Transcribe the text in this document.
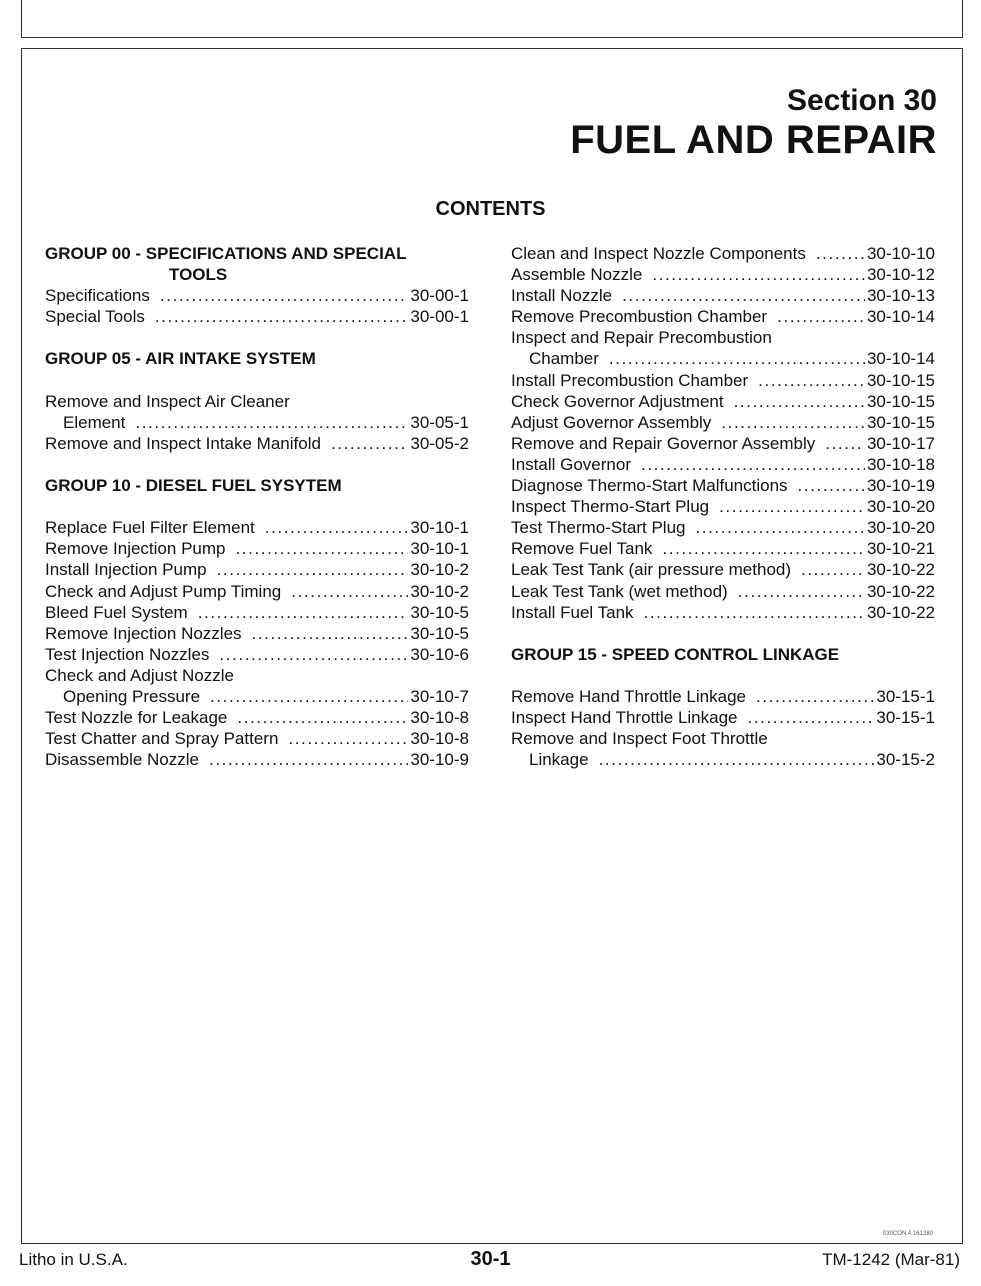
Section 30
FUEL AND REPAIR
CONTENTS
GROUP 00 - SPECIFICATIONS AND SPECIAL
TOOLS
Specifications .....	30-00-1
Special Tools .....	30-00-1
GROUP 05 - AIR INTAKE SYSTEM
Remove and Inspect Air Cleaner
Element .....	30-05-1
Remove and Inspect Intake Manifold .....	30-05-2
GROUP 10 - DIESEL FUEL SYSYTEM
Replace Fuel Filter Element .....	30-10-1
Remove Injection Pump .....	30-10-1
Install Injection Pump .....	30-10-2
Check and Adjust Pump Timing .....	30-10-2
Bleed Fuel System .....	30-10-5
Remove Injection Nozzles .....	30-10-5
Test Injection Nozzles .....	30-10-6
Check and Adjust Nozzle
Opening Pressure .....	30-10-7
Test Nozzle for Leakage .....	30-10-8
Test Chatter and Spray Pattern .....	30-10-8
Disassemble Nozzle .....	30-10-9
Clean and Inspect Nozzle Components .....	30-10-10
Assemble Nozzle .....	30-10-12
Install Nozzle .....	30-10-13
Remove Precombustion Chamber .....	30-10-14
Inspect and Repair Precombustion
Chamber .....	30-10-14
Install Precombustion Chamber .....	30-10-15
Check Governor Adjustment .....	30-10-15
Adjust Governor Assembly .....	30-10-15
Remove and Repair Governor Assembly .....	30-10-17
Install Governor .....	30-10-18
Diagnose Thermo-Start Malfunctions .....	30-10-19
Inspect Thermo-Start Plug .....	30-10-20
Test Thermo-Start Plug .....	30-10-20
Remove Fuel Tank .....	30-10-21
Leak Test Tank (air pressure method) .....	30-10-22
Leak Test Tank (wet method) .....	30-10-22
Install Fuel Tank .....	30-10-22
GROUP 15 - SPEED CONTROL LINKAGE
Remove Hand Throttle Linkage .....	30-15-1
Inspect Hand Throttle Linkage .....	30-15-1
Remove and Inspect Foot Throttle
Linkage .....	30-15-2
030CON A 161280
Litho in U.S.A.	30-1	TM-1242 (Mar-81)
